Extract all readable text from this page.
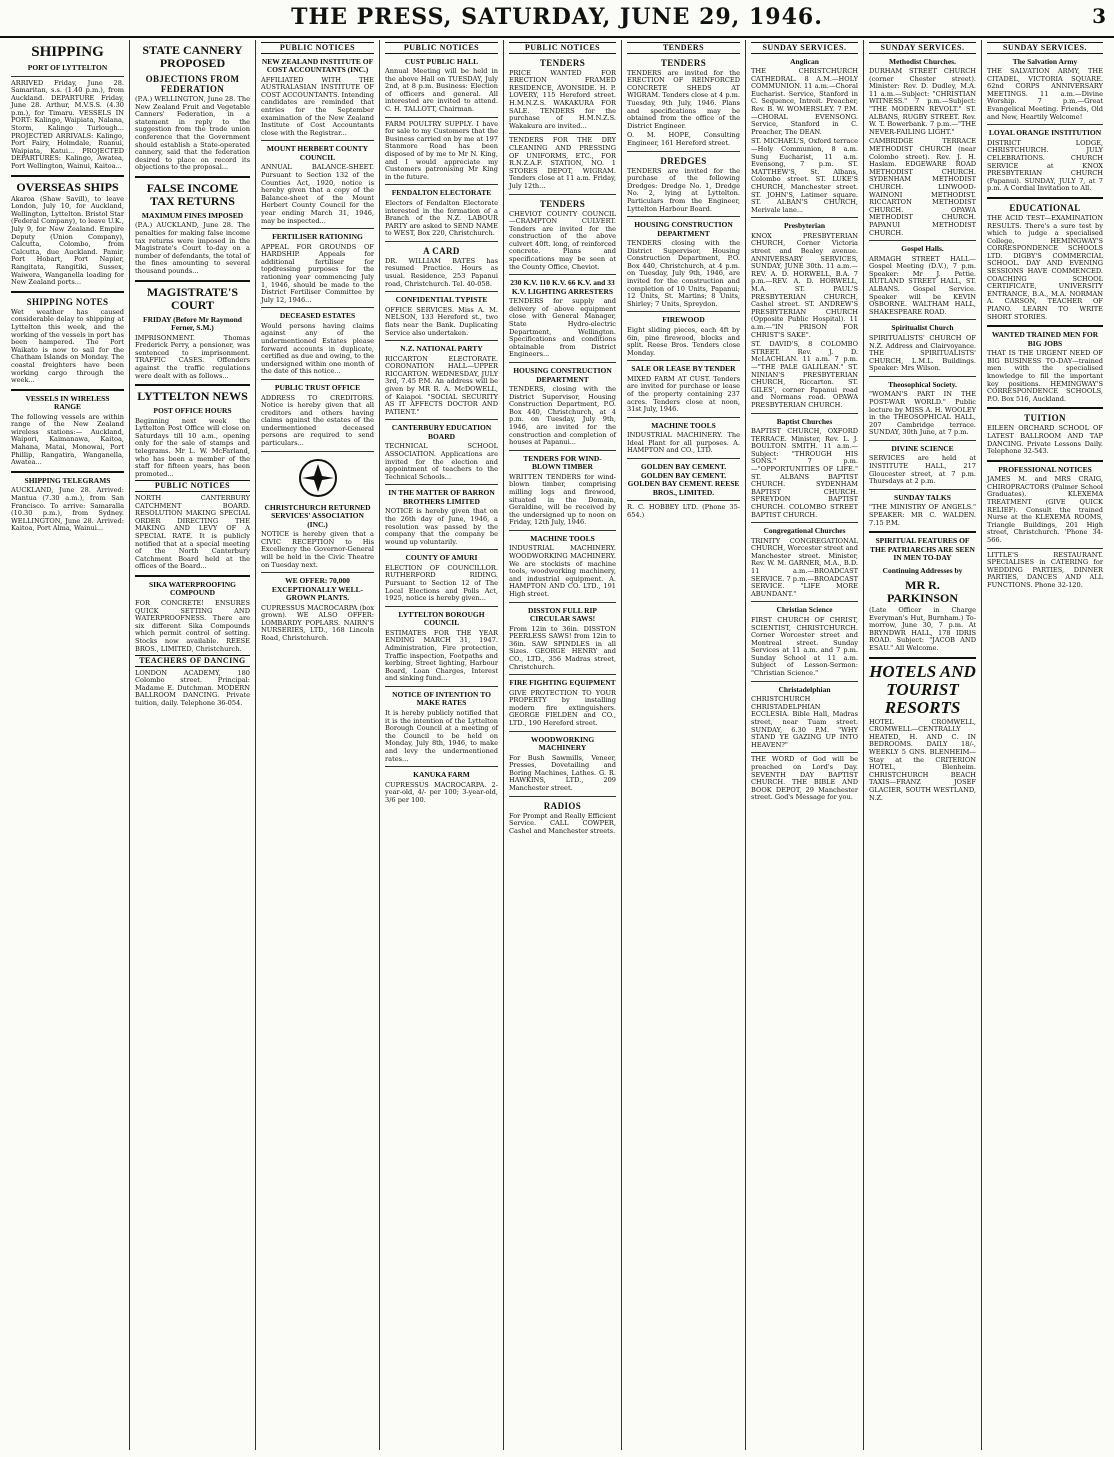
THE PRESS, SATURDAY, JUNE 29, 1946.	3
SHIPPING
PORT OF LYTTELTON

ARRIVED Friday, June 28. Samaritan, s.s. (1.40 p.m.), from Auckland. DEPARTURE Friday, June 28. Arthur, M.V.S.S. (4.30 p.m.), for Timaru. VESSELS IN PORT: Kalingo, Waipiata, Nalana, Storm, Kalingo Turlough... PROJECTED ARRIVALS: Kalingo, Port Fairy, Holmdale, Ruanui, Waipiata, Katui... PROJECTED DEPARTURES: Kalingo, Awatea, Port Wellington, Wainui, Kaitoa...

OVERSEAS SHIPS

Akaroa (Shaw Savill), to leave London, July 10, for Auckland, Wellington, Lyttelton. Bristol Star (Federal Company), to leave U.K., July 9, for New Zealand. Empire Deputy (Union Company), Calcutta, Colombo, from Calcutta, due Auckland. Pamir, Port Hobart, Port Napier, Rangitata, Rangitiki, Sussex, Waiwera, Wanganella loading for New Zealand ports...

SHIPPING NOTES

Wet weather has caused considerable delay to shipping at Lyttelton this week, and the working of the vessels in port has been hampered. The Port Waikato is now to sail for the Chatham Islands on Monday. The coastal freighters have been working cargo through the week...

VESSELS IN WIRELESS RANGE

The following vessels are within range of the New Zealand wireless stations:— Auckland, Waipori, Kaimanawa, Kaitoa, Mahana, Matai, Monowai, Port Phillip, Rangatira, Wanganella, Awatea...

SHIPPING TELEGRAMS

AUCKLAND, June 28. Arrived: Mantua (7.30 a.m.), from San Francisco. To arrive: Samaralla (10.30 p.m.), from Sydney. WELLINGTON, June 28. Arrived: Kaitoa, Port Alma, Wainui...

STATE CANNERY PROPOSED
OBJECTIONS FROM FEDERATION

(P.A.) WELLINGTON, June 28. The New Zealand Fruit and Vegetable Canners' Federation, in a statement in reply to the suggestion from the trade union conference that the Government should establish a State-operated cannery, said that the federation desired to place on record its objections to the proposal...

FALSE INCOME TAX RETURNS
MAXIMUM FINES IMPOSED

(P.A.) AUCKLAND, June 28. The penalties for making false income tax returns were imposed in the Magistrate's Court to-day on a number of defendants, the total of the fines amounting to several thousand pounds...

MAGISTRATE'S COURT
FRIDAY (Before Mr Raymond Ferner, S.M.)

IMPRISONMENT. Thomas Frederick Perry, a pensioner, was sentenced to imprisonment. TRAFFIC CASES. Offenders against the traffic regulations were dealt with as follows...

LYTTELTON NEWS
POST OFFICE HOURS

Beginning next week the Lyttelton Post Office will close on Saturdays till 10 a.m., opening only for the sale of stamps and telegrams. Mr L. W. McFarland, who has been a member of the staff for fifteen years, has been promoted...

PUBLIC NOTICES

NORTH CANTERBURY CATCHMENT BOARD. RESOLUTION MAKING SPECIAL ORDER DIRECTING THE MAKING AND LEVY OF A SPECIAL RATE. It is publicly notified that at a special meeting of the North Canterbury Catchment Board held at the offices of the Board...

SIKA WATERPROOFING COMPOUND

FOR CONCRETE! ENSURES QUICK SETTING AND WATERPROOFNESS. There are six different Sika Compounds which permit control of setting. Stocks now available. REESE BROS., LIMITED, Christchurch.

TEACHERS OF DANCING

LONDON ACADEMY, 180 Colombo street. Principal: Madame E. Dutchman. MODERN BALLROOM DANCING. Private tuition, daily. Telephone 36-054.

PUBLIC NOTICES
NEW ZEALAND INSTITUTE OF COST ACCOUNTANTS (INC.)

AFFILIATED WITH THE AUSTRALASIAN INSTITUTE OF COST ACCOUNTANTS. Intending candidates are reminded that entries for the September examination of the New Zealand Institute of Cost Accountants close with the Registrar...

MOUNT HERBERT COUNTY COUNCIL

ANNUAL BALANCE-SHEET. Pursuant to Section 132 of the Counties Act, 1920, notice is hereby given that a copy of the Balance-sheet of the Mount Herbert County Council for the year ending March 31, 1946, may be inspected...

FERTILISER RATIONING

APPEAL FOR GROUNDS OF HARDSHIP. Appeals for additional fertiliser for topdressing purposes for the rationing year commencing July 1, 1946, should be made to the District Fertiliser Committee by July 12, 1946...

DECEASED ESTATES

Would persons having claims against any of the undermentioned Estates please forward accounts in duplicate, certified as due and owing, to the undersigned within one month of the date of this notice...

PUBLIC TRUST OFFICE

ADDRESS TO CREDITORS. Notice is hereby given that all creditors and others having claims against the estates of the undermentioned deceased persons are required to send particulars...

CHRISTCHURCH RETURNED SERVICES' ASSOCIATION (INC.)

NOTICE is hereby given that a CIVIC RECEPTION to His Excellency the Governor-General will be held in the Civic Theatre on Tuesday next.

WE OFFER: 70,000 EXCEPTIONALLY WELL-GROWN PLANTS.

CUPRESSUS MACROCARPA (box grown). WE ALSO OFFER: LOMBARDY POPLARS. NAIRN'S NURSERIES, LTD., 168 Lincoln Road, Christchurch.

PUBLIC NOTICES
CUST PUBLIC HALL

Annual Meeting will be held in the above Hall on TUESDAY, July 2nd, at 8 p.m. Business: Election of officers and general. All interested are invited to attend. C. H. TALLOTT, Chairman.

FARM POULTRY SUPPLY. I have for sale to my Customers that the Business carried on by me at 197 Stanmore Road has been disposed of by me to Mr N. King, and I would appreciate my Customers patronising Mr King in the future.

FENDALTON ELECTORATE

Electors of Fendalton Electorate interested in the formation of a Branch of the N.Z. LABOUR PARTY are asked to SEND NAME to WEST, Box 220, Christchurch.

A CARD

DR. WILLIAM BATES has resumed Practice. Hours as usual. Residence, 253 Papanui road, Christchurch. Tel. 40-058.

CONFIDENTIAL TYPISTE

OFFICE SERVICES. Miss A. M. NELSON, 133 Hereford st., two flats near the Bank. Duplicating Service also undertaken.

N.Z. NATIONAL PARTY

RICCARTON ELECTORATE. CORONATION HALL—UPPER RICCARTON. WEDNESDAY, JULY 3rd, 7.45 P.M. An address will be given by MR R. A. McDOWELL, of Kaiapoi. "SOCIAL SECURITY AS IT AFFECTS DOCTOR AND PATIENT."

CANTERBURY EDUCATION BOARD

TECHNICAL SCHOOL ASSOCIATION. Applications are invited for the election and appointment of teachers to the Technical Schools...

IN THE MATTER OF BARRON BROTHERS LIMITED

NOTICE is hereby given that on the 26th day of June, 1946, a resolution was passed by the company that the company be wound up voluntarily.

COUNTY OF AMURI

ELECTION OF COUNCILLOR. RUTHERFORD RIDING. Pursuant to Section 12 of The Local Elections and Polls Act, 1925, notice is hereby given...

LYTTELTON BOROUGH COUNCIL

ESTIMATES FOR THE YEAR ENDING MARCH 31, 1947. Administration, Fire protection, Traffic inspection, Footpaths and kerbing, Street lighting, Harbour Board, Loan Charges, Interest and sinking fund...

NOTICE OF INTENTION TO MAKE RATES

It is hereby publicly notified that it is the intention of the Lyttelton Borough Council at a meeting of the Council to be held on Monday, July 8th, 1946, to make and levy the undermentioned rates...

KANUKA FARM

CUPRESSUS MACROCARPA. 2-year-old, 4/- per 100; 3-year-old, 3/6 per 100.

PUBLIC NOTICES
TENDERS

PRICE WANTED FOR ERECTION FRAMED RESIDENCE, AVONSIDE. H. P. LOVERY, 115 Hereford street. H.M.N.Z.S. WAKAKURA FOR SALE. TENDERS for the purchase of H.M.N.Z.S. Wakakura are invited...

TENDERS FOR THE DRY CLEANING AND PRESSING OF UNIFORMS, ETC., FOR R.N.Z.A.F. STATION, NO. 1 STORES DEPOT, WIGRAM. Tenders close at 11 a.m. Friday, July 12th...

TENDERS

CHEVIOT COUNTY COUNCIL—CRAMPTON CULVERT. Tenders are invited for the construction of the above culvert 40ft. long, of reinforced concrete. Plans and specifications may be seen at the County Office, Cheviot.

230 K.V. 110 K.V. 66 K.V. and 33 K.V. LIGHTING ARRESTERS

TENDERS for supply and delivery of above equipment close with General Manager, State Hydro-electric Department, Wellington. Specifications and conditions obtainable from District Engineers...

HOUSING CONSTRUCTION DEPARTMENT

TENDERS, closing with the District Supervisor, Housing Construction Department, P.O. Box 440, Christchurch, at 4 p.m. on Tuesday, July 9th, 1946, are invited for the construction and completion of houses at Papanui...

TENDERS FOR WIND-BLOWN TIMBER

WRITTEN TENDERS for wind-blown timber, comprising milling logs and firewood, situated in the Domain, Geraldine, will be received by the undersigned up to noon on Friday, 12th July, 1946.

MACHINE TOOLS

INDUSTRIAL MACHINERY. WOODWORKING MACHINERY. We are stockists of machine tools, woodworking machinery, and industrial equipment. A. HAMPTON AND CO. LTD., 191 High street.

DISSTON FULL RIP CIRCULAR SAWS!

From 12in to 36in. DISSTON PEERLESS SAWS! from 12in to 36in. SAW SPINDLES in all Sizes. GEORGE HENRY and CO., LTD., 356 Madras street, Christchurch.

FIRE FIGHTING EQUIPMENT

GIVE PROTECTION TO YOUR PROPERTY by installing modern fire extinguishers. GEORGE FIELDEN and CO., LTD., 190 Hereford street.

WOODWORKING MACHINERY

For Bush Sawmills, Veneer, Presses, Dovetailing and Boring Machines, Lathes. G. R. HAWKINS, LTD., 209 Manchester street.

RADIOS

For Prompt and Really Efficient Service. CALL COWPER, Cashel and Manchester streets.

TENDERS
TENDERS

TENDERS are invited for the ERECTION OF REINFORCED CONCRETE SHEDS AT WIGRAM. Tenders close at 4 p.m. Tuesday, 9th July, 1946. Plans and specifications may be obtained from the office of the District Engineer.

O. M. HOPE, Consulting Engineer, 161 Hereford street.

DREDGES

TENDERS are invited for the purchase of the following Dredges: Dredge No. 1, Dredge No. 2, lying at Lyttelton. Particulars from the Engineer, Lyttelton Harbour Board.

HOUSING CONSTRUCTION DEPARTMENT

TENDERS closing with the District Supervisor, Housing Construction Department, P.O. Box 440, Christchurch, at 4 p.m. on Tuesday, July 9th, 1946, are invited for the construction and completion of 10 Units, Papanui; 12 Units, St. Martins; 8 Units, Shirley; 7 Units, Spreydon.

FIREWOOD

Eight sliding pieces, each 4ft by 6in, pine firewood, blocks and split. Reese Bros. Tenders close Monday.

SALE OR LEASE BY TENDER

MIXED FARM AT CUST. Tenders are invited for purchase or lease of the property containing 237 acres. Tenders close at noon, 31st July, 1946.

MACHINE TOOLS

INDUSTRIAL MACHINERY. The Ideal Plant for all purposes. A. HAMPTON and CO., LTD.

GOLDEN BAY CEMENT. GOLDEN BAY CEMENT. GOLDEN BAY CEMENT. REESE BROS., LIMITED.

R. C. HOBBEY LTD. (Phone 35-654.)

SUNDAY SERVICES.
Anglican

THE CHRISTCHURCH CATHEDRAL. 8 A.M.—HOLY COMMUNION. 11 a.m.—Choral Eucharist. Service, Stanford in C. Sequence, Introit. Preacher, Rev. B. W. WOMERSLEY. 7 P.M.—CHORAL EVENSONG. Service, Stanford in C. Preacher, The DEAN.

ST. MICHAEL'S, Oxford terrace—Holy Communion, 8 a.m. Sung Eucharist, 11 a.m. Evensong, 7 p.m. ST. MATTHEW'S, St. Albans, Colombo street. ST. LUKE'S CHURCH, Manchester street. ST. JOHN'S, Latimer square. ST. ALBAN'S CHURCH, Merivale lane...

Presbyterian

KNOX PRESBYTERIAN CHURCH, Corner Victoria street and Bealey avenue. ANNIVERSARY SERVICES, SUNDAY, JUNE 30th. 11 a.m.—REV. A. D. HORWELL, B.A. 7 p.m.—REV. A. D. HORWELL, M.A. ST. PAUL'S PRESBYTERIAN CHURCH, Cashel street. ST. ANDREW'S PRESBYTERIAN CHURCH (Opposite Public Hospital). 11 a.m.—"IN PRISON FOR CHRIST'S SAKE".

ST. DAVID'S, 8 COLOMBO STREET. Rev. J. D. McLACHLAN. 11 a.m. 7 p.m.—"THE PALE GALILEAN." ST. NINIAN'S PRESBYTERIAN CHURCH, Riccarton. ST. GILES', corner Papanui road and Normans road. OPAWA PRESBYTERIAN CHURCH.

Baptist Churches

BAPTIST CHURCH, OXFORD TERRACE. Minister, Rev. L. J. BOULTON SMITH. 11 a.m.—Subject: "THROUGH HIS SONS." 7 p.m.—"OPPORTUNITIES OF LIFE." ST. ALBANS BAPTIST CHURCH. SYDENHAM BAPTIST CHURCH. SPREYDON BAPTIST CHURCH. COLOMBO STREET BAPTIST CHURCH.

Congregational Churches

TRINITY CONGREGATIONAL CHURCH, Worcester street and Manchester street. Minister, Rev. W. M. GARNER, M.A., B.D. 11 a.m.—BROADCAST SERVICE. 7 p.m.—BROADCAST SERVICE. "LIFE MORE ABUNDANT."

Christian Science

FIRST CHURCH OF CHRIST, SCIENTIST, CHRISTCHURCH. Corner Worcester street and Montreal street. Sunday Services at 11 a.m. and 7 p.m. Sunday School at 11 a.m. Subject of Lesson-Sermon: "Christian Science."

Christadelphian

CHRISTCHURCH CHRISTADELPHIAN ECCLESIA. Bible Hall, Madras street, near Tuam street. SUNDAY, 6.30 P.M. "WHY STAND YE GAZING UP INTO HEAVEN?"

THE WORD of God will be preached on Lord's Day. SEVENTH DAY BAPTIST CHURCH. THE BIBLE AND BOOK DEPOT, 29 Manchester street. God's Message for you.

SUNDAY SERVICES.
Methodist Churches.

DURHAM STREET CHURCH (corner Chester street). Minister: Rev. D. Dudley, M.A. 11 a.m.—Subject: "CHRISTIAN WITNESS." 7 p.m.—Subject: "THE MODERN REVOLT." ST. ALBANS, RUGBY STREET. Rev. W. T. Bowerbank. 7 p.m.—"THE NEVER-FAILING LIGHT."

CAMBRIDGE TERRACE METHODIST CHURCH (near Colombo street). Rev. J. H. Haslam. EDGEWARE ROAD METHODIST CHURCH. SYDENHAM METHODIST CHURCH. LINWOOD-WAINONI METHODIST. RICCARTON METHODIST CHURCH. OPAWA METHODIST CHURCH. PAPANUI METHODIST CHURCH.

Gospel Halls.

ARMAGH STREET HALL—Gospel Meeting (D.V.), 7 p.m. Speaker: Mr J. Pettie. RUTLAND STREET HALL, ST. ALBANS. Gospel Service. Speaker will be KEVIN OSBORNE. WALTHAM HALL, SHAKESPEARE ROAD.

Spiritualist Church

SPIRITUALISTS' CHURCH OF N.Z. Address and Clairvoyance. THE SPIRITUALISTS' CHURCH, L.M.L. Buildings. Speaker: Mrs Wilson.

Theosophical Society.

"WOMAN'S PART IN THE POST-WAR WORLD." Public lecture by MISS A. H. WOOLEY in the THEOSOPHICAL HALL, 207 Cambridge terrace. SUNDAY, 30th June, at 7 p.m.

DIVINE SCIENCE

SERVICES are held at INSTITUTE HALL, 217 Gloucester street, at 7 p.m. Thursdays at 2 p.m.

SUNDAY TALKS

"THE MINISTRY OF ANGELS." SPEAKER: MR C. WALDEN. 7.15 P.M.

SPIRITUAL FEATURES OF THE PATRIARCHS ARE SEEN IN MEN TO-DAY
Continuing Addresses by
MR R. PARKINSON

(Late Officer in Charge Everyman's Hut, Burnham.) To-morrow, June 30, 7 p.m. At BRYNDWR HALL, 178 IDRIS ROAD. Subject: "JACOB AND ESAU." All Welcome.

HOTELS AND TOURIST RESORTS

HOTEL CROMWELL, CROMWELL—CENTRALLY HEATED, H. AND C. IN BEDROOMS. DAILY 18/-, WEEKLY 5 GNS. BLENHEIM—Stay at the CRITERION HOTEL, Blenheim. CHRISTCHURCH BEACH TAXIS—FRANZ JOSEF GLACIER, SOUTH WESTLAND, N.Z.

SUNDAY SERVICES.
The Salvation Army

THE SALVATION ARMY, THE CITADEL, VICTORIA SQUARE. 62nd CORPS ANNIVERSARY MEETINGS. 11 a.m.—Divine Worship. 7 p.m.—Great Evangelical Meeting. Friends, Old and New, Heartily Welcome!

LOYAL ORANGE INSTITUTION

DISTRICT LODGE, CHRISTCHURCH. JULY CELEBRATIONS. CHURCH SERVICE at KNOX PRESBYTERIAN CHURCH (Papanui). SUNDAY, JULY 7, at 7 p.m. A Cordial Invitation to All.

EDUCATIONAL

THE ACID TEST—EXAMINATION RESULTS. There's a sure test by which to judge a specialised College. HEMINGWAY'S CORRESPONDENCE SCHOOLS LTD. DIGBY'S COMMERCIAL SCHOOL. DAY AND EVENING SESSIONS HAVE COMMENCED. COACHING SCHOOL CERTIFICATE, UNIVERSITY ENTRANCE, B.A., M.A. NORMAN A. CARSON, TEACHER OF PIANO. LEARN TO WRITE SHORT STORIES.

WANTED TRAINED MEN FOR BIG JOBS

THAT IS THE URGENT NEED OF BIG BUSINESS TO-DAY—trained men with the specialised knowledge to fill the important key positions. HEMINGWAY'S CORRESPONDENCE SCHOOLS, P.O. Box 516, Auckland.

TUITION

EILEEN ORCHARD SCHOOL OF LATEST BALLROOM AND TAP DANCING. Private Lessons Daily. Telephone 32-543.

PROFESSIONAL NOTICES

JAMES M. and MRS CRAIG, CHIROPRACTORS (Palmer School Graduates). KLEXEMA TREATMENT (GIVE QUICK RELIEF). Consult the trained Nurse at the KLEXEMA ROOMS, Triangle Buildings, 201 High street, Christchurch. 'Phone 34-566.

LITTLE'S RESTAURANT. SPECIALISES in CATERING for WEDDING PARTIES, DINNER PARTIES, DANCES AND ALL FUNCTIONS. Phone 32-120.
